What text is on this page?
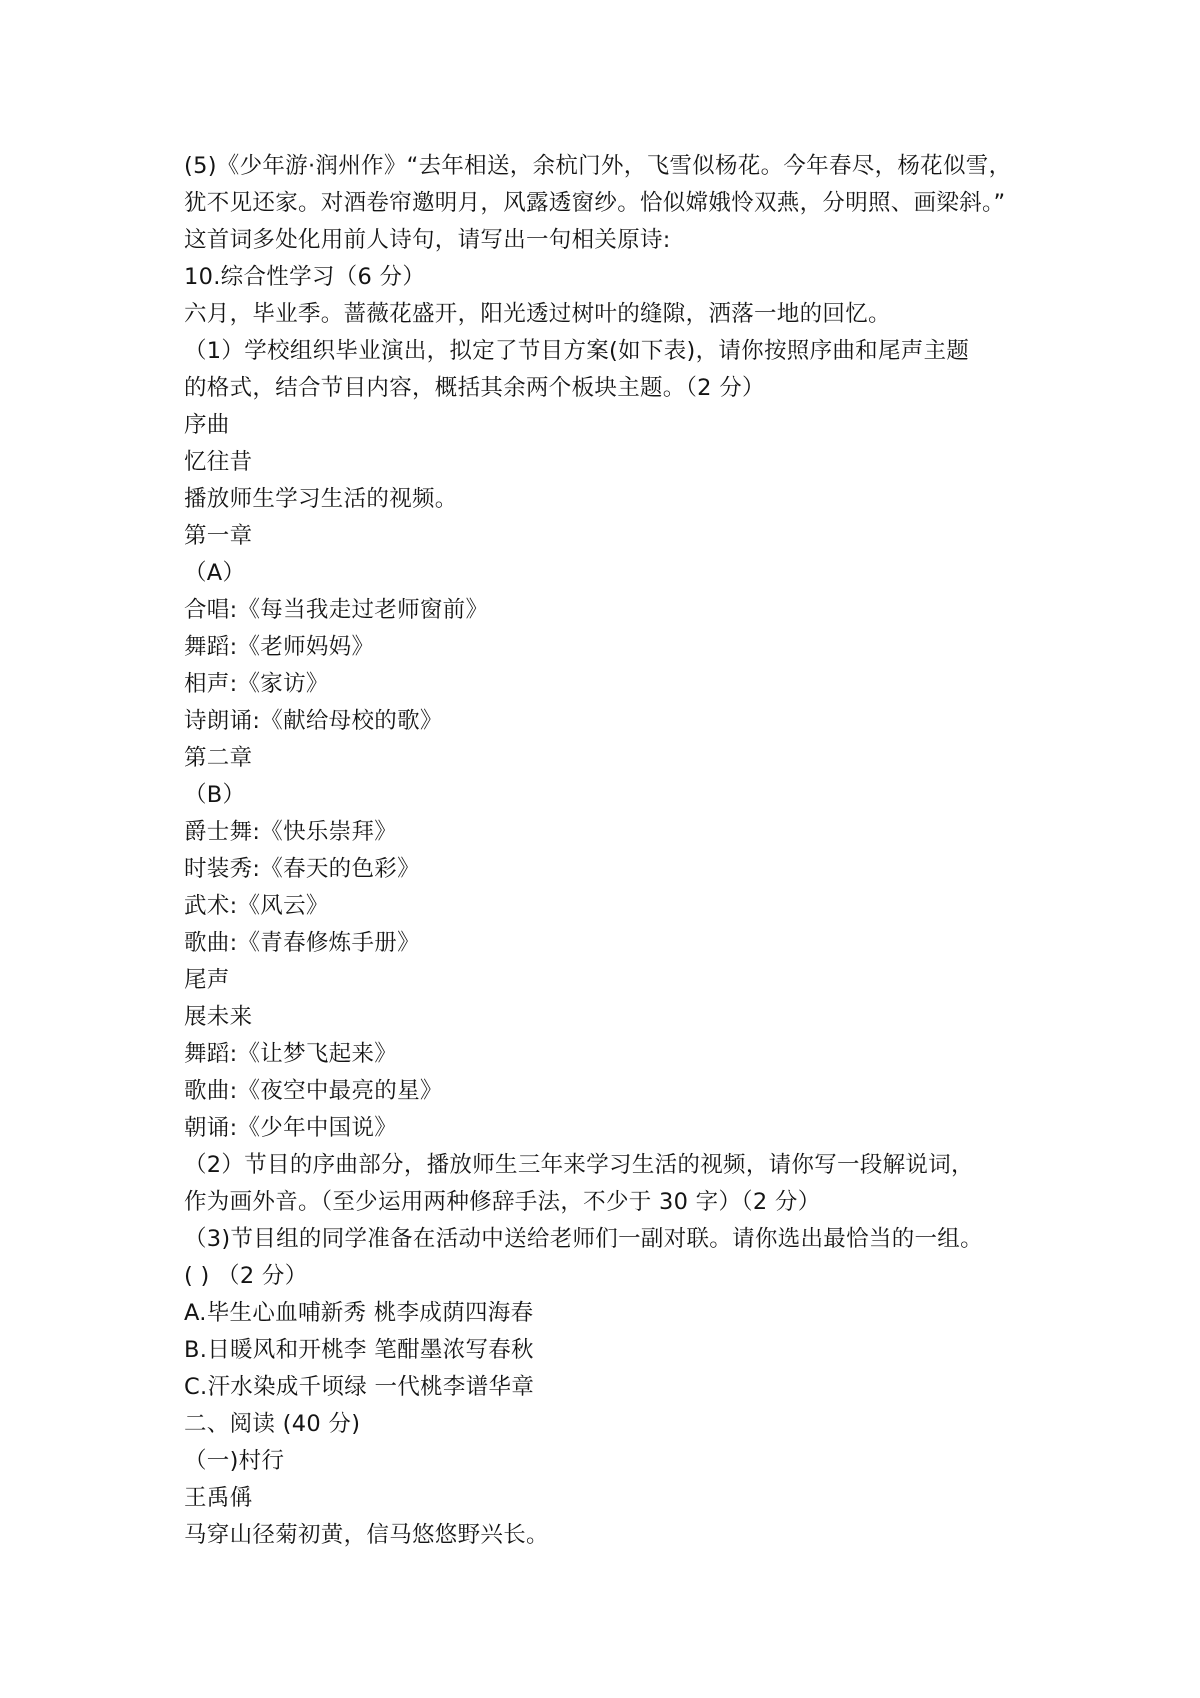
(5)《少年游·润州作》“去年相送，余杭门外，飞雪似杨花。今年春尽，杨花似雪，

犹不见还家。对酒卷帘邀明月，风露透窗纱。恰似嫦娥怜双燕，分明照、画梁斜。”

这首词多处化用前人诗句，请写出一句相关原诗:

10.综合性学习（6 分）

六月，毕业季。蔷薇花盛开，阳光透过树叶的缝隙，洒落一地的回忆。

（1）学校组织毕业演出，拟定了节目方案(如下表)，请你按照序曲和尾声主题

的格式，结合节目内容，概括其余两个板块主题。（2 分）

序曲

忆往昔

播放师生学习生活的视频。

第一章

（A）

合唱:《每当我走过老师窗前》

舞蹈:《老师妈妈》

相声:《家访》

诗朗诵:《献给母校的歌》

第二章

（B）

爵士舞:《快乐崇拜》

时装秀:《春天的色彩》

武术:《风云》

歌曲:《青春修炼手册》

尾声

展未来

舞蹈:《让梦飞起来》

歌曲:《夜空中最亮的星》

朝诵:《少年中国说》

（2）节目的序曲部分，播放师生三年来学习生活的视频，请你写一段解说词，

作为画外音。（至少运用两种修辞手法，不少于 30 字）（2 分）

（3)节目组的同学准备在活动中送给老师们一副对联。请你选出最恰当的一组。

( ) （2 分）

A.毕生心血哺新秀 桃李成荫四海春

B.日暖风和开桃李 笔酣墨浓写春秋

C.汗水染成千顷绿 一代桃李谱华章

二、阅读 (40 分)

（一)村行

王禹偁

马穿山径菊初黄，信马悠悠野兴长。
